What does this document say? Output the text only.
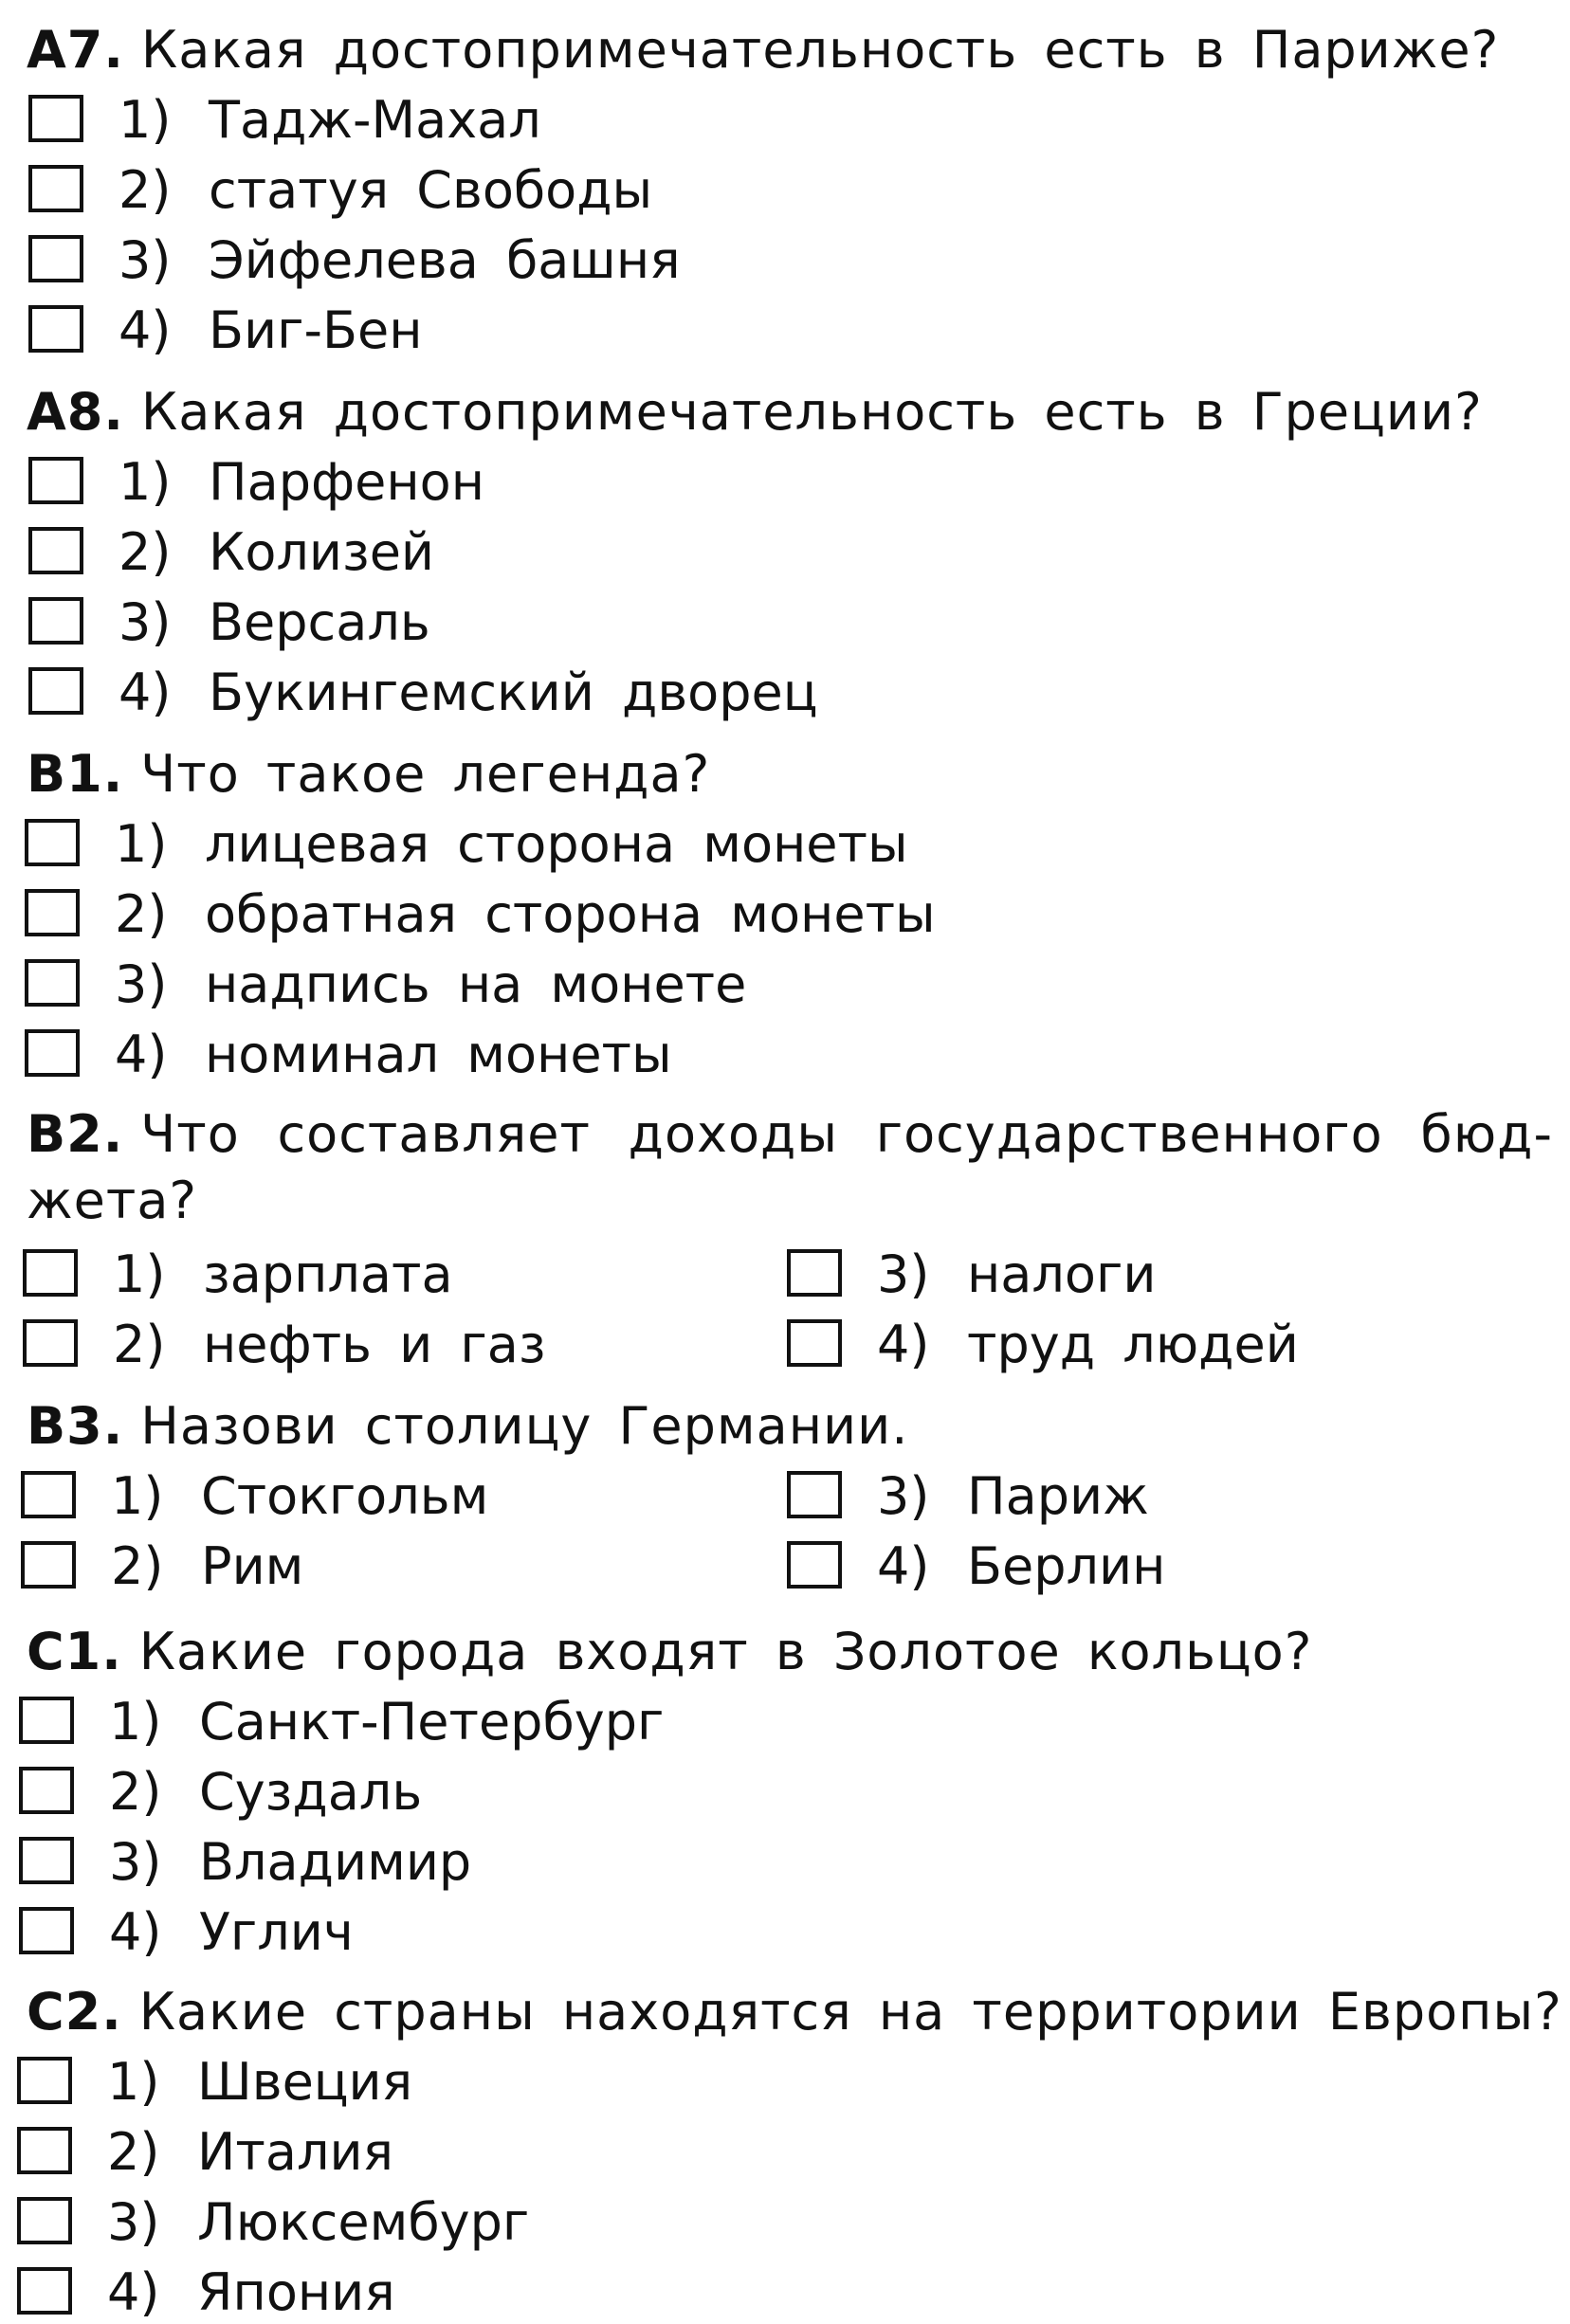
A7. Какая достопримечательность есть в Париже?
1) Тадж-Махал
2) статуя Свободы
3) Эйфелева башня
4) Биг-Бен
A8. Какая достопримечательность есть в Греции?
1) Парфенон
2) Колизей
3) Версаль
4) Букингемский дворец
B1. Что такое легенда?
1) лицевая сторона монеты
2) обратная сторона монеты
3) надпись на монете
4) номинал монеты
B2. Что составляет доходы государственного бюд-жета?
1) зарплата
2) нефть и газ
3) налоги
4) труд людей
B3. Назови столицу Германии.
1) Стокгольм
2) Рим
3) Париж
4) Берлин
C1. Какие города входят в Золотое кольцо?
1) Санкт-Петербург
2) Суздаль
3) Владимир
4) Углич
C2. Какие страны находятся на территории Европы?
1) Швеция
2) Италия
3) Люксембург
4) Япония
